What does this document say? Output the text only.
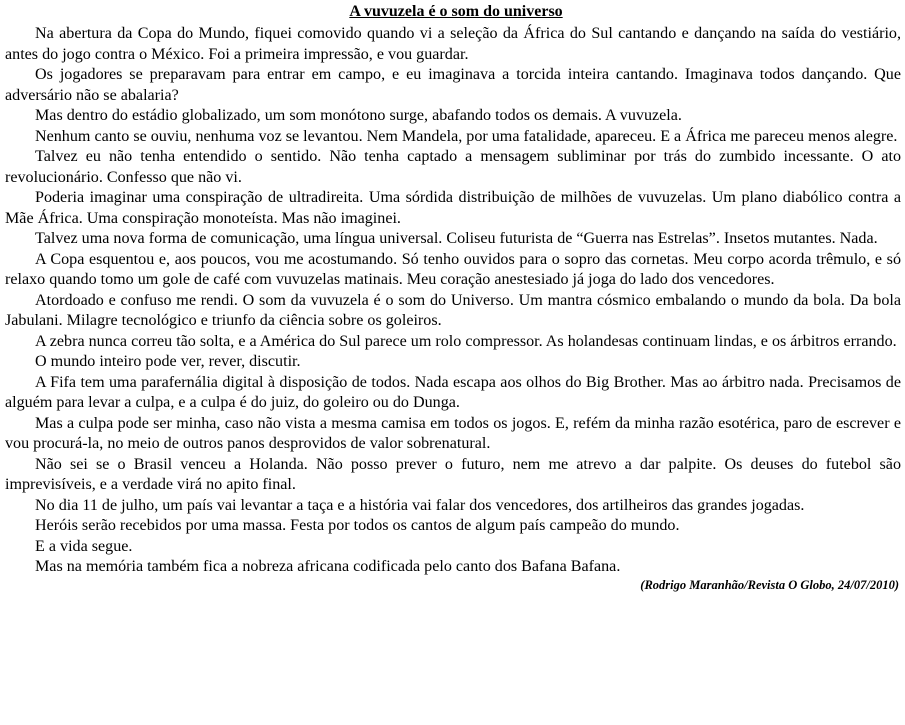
A vuvuzela é o som do universo

Na abertura da Copa do Mundo, fiquei comovido quando vi a seleção da África do Sul cantando e dançando na saída do vestiário, antes do jogo contra o México. Foi a primeira impressão, e vou guardar.

Os jogadores se preparavam para entrar em campo, e eu imaginava a torcida inteira cantando. Imaginava todos dançando. Que adversário não se abalaria?

Mas dentro do estádio globalizado, um som monótono surge, abafando todos os demais. A vuvuzela.

Nenhum canto se ouviu, nenhuma voz se levantou. Nem Mandela, por uma fatalidade, apareceu. E a África me pareceu menos alegre.

Talvez eu não tenha entendido o sentido. Não tenha captado a mensagem subliminar por trás do zumbido incessante. O ato revolucionário. Confesso que não vi.

Poderia imaginar uma conspiração de ultradireita. Uma sórdida distribuição de milhões de vuvuzelas. Um plano diabólico contra a Mãe África. Uma conspiração monoteísta. Mas não imaginei.

Talvez uma nova forma de comunicação, uma língua universal. Coliseu futurista de “Guerra nas Estrelas”. Insetos mutantes. Nada.

A Copa esquentou e, aos poucos, vou me acostumando. Só tenho ouvidos para o sopro das cornetas. Meu corpo acorda trêmulo, e só relaxo quando tomo um gole de café com vuvuzelas matinais. Meu coração anestesiado já joga do lado dos vencedores.

Atordoado e confuso me rendi. O som da vuvuzela é o som do Universo. Um mantra cósmico embalando o mundo da bola. Da bola Jabulani. Milagre tecnológico e triunfo da ciência sobre os goleiros.

A zebra nunca correu tão solta, e a América do Sul parece um rolo compressor. As holandesas continuam lindas, e os árbitros errando.

O mundo inteiro pode ver, rever, discutir.

A Fifa tem uma parafernália digital à disposição de todos. Nada escapa aos olhos do Big Brother. Mas ao árbitro nada. Precisamos de alguém para levar a culpa, e a culpa é do juiz, do goleiro ou do Dunga.

Mas a culpa pode ser minha, caso não vista a mesma camisa em todos os jogos. E, refém da minha razão esotérica, paro de escrever e vou procurá-la, no meio de outros panos desprovidos de valor sobrenatural.

Não sei se o Brasil venceu a Holanda. Não posso prever o futuro, nem me atrevo a dar palpite. Os deuses do futebol são imprevisíveis, e a verdade virá no apito final.

No dia 11 de julho, um país vai levantar a taça e a história vai falar dos vencedores, dos artilheiros das grandes jogadas.

Heróis serão recebidos por uma massa. Festa por todos os cantos de algum país campeão do mundo.

E a vida segue.

Mas na memória também fica a nobreza africana codificada pelo canto dos Bafana Bafana.

(Rodrigo Maranhão/Revista O Globo, 24/07/2010)
